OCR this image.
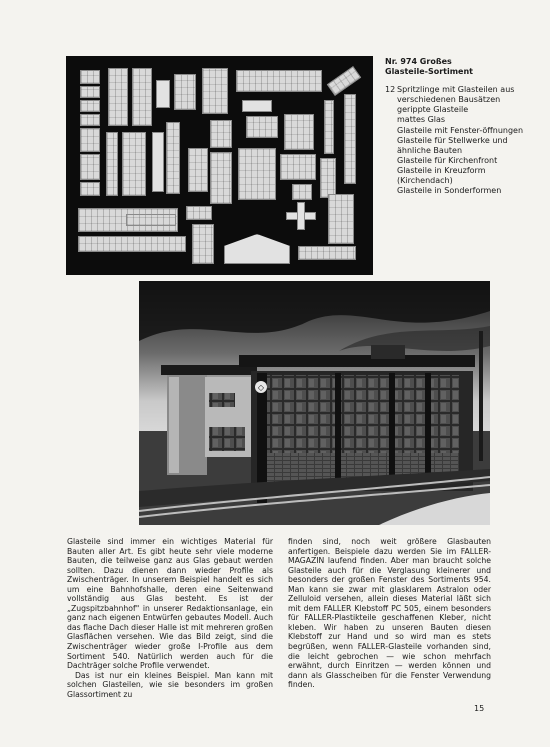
Nr. 974 Großes
Glasteile-Sortiment
12 Spritzlinge mit Glasteilen aus verschiedenen Bausätzen
gerippte Glasteile
mattes Glas
Glasteile mit Fenster-öffnungen
Glasteile für Stellwerke und ähnliche Bauten
Glasteile für Kirchenfront
Glasteile in Kreuzform (Kirchendach)
Glasteile in Sonderformen
◇

Glasteile sind immer ein wichtiges Material für Bauten aller Art. Es gibt heute sehr viele moderne Bauten, die teilweise ganz aus Glas gebaut werden sollten. Dazu dienen dann wieder Profile als Zwischenträger. In unserem Beispiel handelt es sich um eine Bahnhofshalle, deren eine Seitenwand vollständig aus Glas besteht. Es ist der „Zugspitzbahnhof" in unserer Redaktionsanlage, ein ganz nach eigenen Entwürfen gebautes Modell. Auch das flache Dach dieser Halle ist mit mehreren großen Glasflächen versehen. Wie das Bild zeigt, sind die Zwischenträger wieder große I-Profile aus dem Sortiment 540. Natürlich werden auch für die Dachträger solche Profile verwendet.

Das ist nur ein kleines Beispiel. Man kann mit solchen Glasteilen, wie sie besonders im großen Glassortiment zu

finden sind, noch weit größere Glasbauten anfertigen. Beispiele dazu werden Sie im FALLER-MAGAZIN laufend finden. Aber man braucht solche Glasteile auch für die Verglasung kleinerer und besonders der großen Fenster des Sortiments 954. Man kann sie zwar mit glasklarem Astralon oder Zelluloid versehen, allein dieses Material läßt sich mit dem FALLER Klebstoff PC 505, einem besonders für FALLER-Plastikteile geschaffenen Kleber, nicht kleben. Wir haben zu unseren Bauten diesen Klebstoff zur Hand und so wird man es stets begrüßen, wenn FALLER-Glasteile vorhanden sind, die leicht gebrochen — wie schon mehrfach erwähnt, durch Einritzen — werden können und dann als Glasscheiben für die Fenster Verwendung finden.

15
